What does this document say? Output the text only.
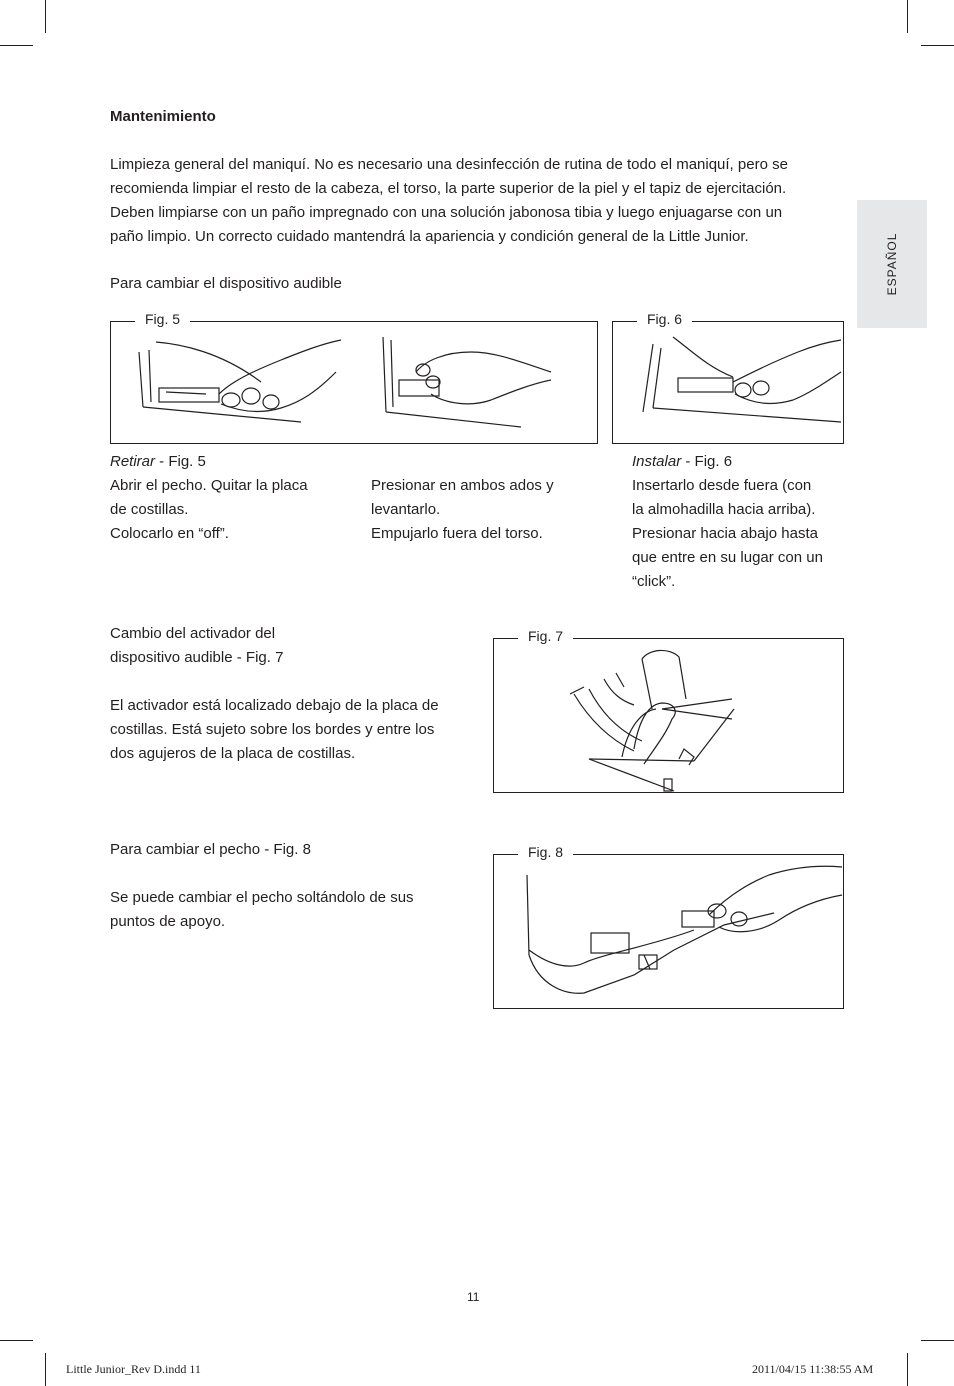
ESPAÑOL
Mantenimiento
Limpieza general del maniquí. No es necesario una desinfección de rutina de todo el maniquí, pero se
recomienda limpiar el resto de la cabeza, el torso, la parte superior de la piel y el tapiz de ejercitación.
Deben limpiarse con un paño impregnado con una solución jabonosa tibia y luego enjuagarse con un
paño limpio. Un correcto cuidado mantendrá la apariencia y condición general de la Little Junior.
Para cambiar el dispositivo audible
Fig. 5	Fig. 6
Retirar - Fig. 5
Abrir el pecho. Quitar la placa
de costillas.
Colocarlo en “off”.
Presionar en ambos ados y
levantarlo.
Empujarlo fuera del torso.
Instalar - Fig. 6
Insertarlo desde fuera (con
la almohadilla hacia arriba).
Presionar hacia abajo hasta
que entre en su lugar con un
“click”.
Cambio del activador del
dispositivo audible - Fig. 7
El activador está localizado debajo de la placa de
costillas. Está sujeto sobre los bordes y entre los
dos agujeros de la placa de costillas.
Fig. 7
Para cambiar el pecho - Fig. 8
Se puede cambiar el pecho soltándolo de sus
puntos de apoyo.
Fig. 8
11
Little Junior_Rev D.indd 11	2011/04/15 11:38:55 AM
